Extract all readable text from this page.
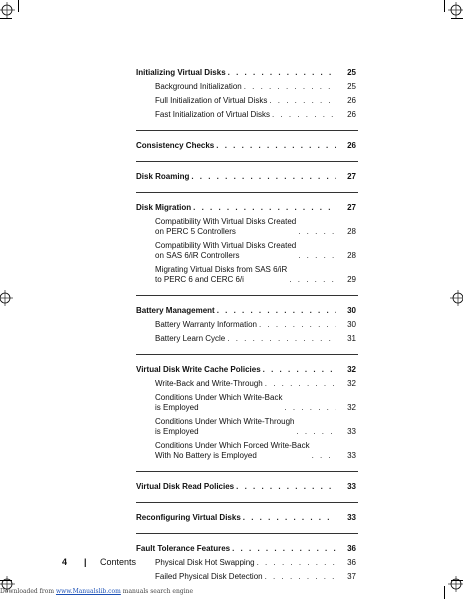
Initializing Virtual Disks . . .	25
Background Initialization . . .	25
Full Initialization of Virtual Disks . . .	26
Fast Initialization of Virtual Disks . . .	26
Consistency Checks . . .	26
Disk Roaming . . .	27
Disk Migration . . .	27
Compatibility With Virtual Disks Created
on PERC 5 Controllers . . .	28
Compatibility With Virtual Disks Created
on SAS 6/iR Controllers . . .	28
Migrating Virtual Disks from SAS 6/iR
to PERC 6 and CERC 6/i . . .	29
Battery Management . . .	30
Battery Warranty Information . . .	30
Battery Learn Cycle . . .	31
Virtual Disk Write Cache Policies . . .	32
Write-Back and Write-Through . . .	32
Conditions Under Which Write-Back
is Employed . . .	32
Conditions Under Which Write-Through
is Employed . . .	33
Conditions Under Which Forced Write-Back
With No Battery is Employed . . .	33
Virtual Disk Read Policies . . .	33
Reconfiguring Virtual Disks . . .	33
Fault Tolerance Features . . .	36
Physical Disk Hot Swapping . . .	36
Failed Physical Disk Detection . . .	37
4 | Contents
Downloaded from www.Manualslib.com manuals search engine
